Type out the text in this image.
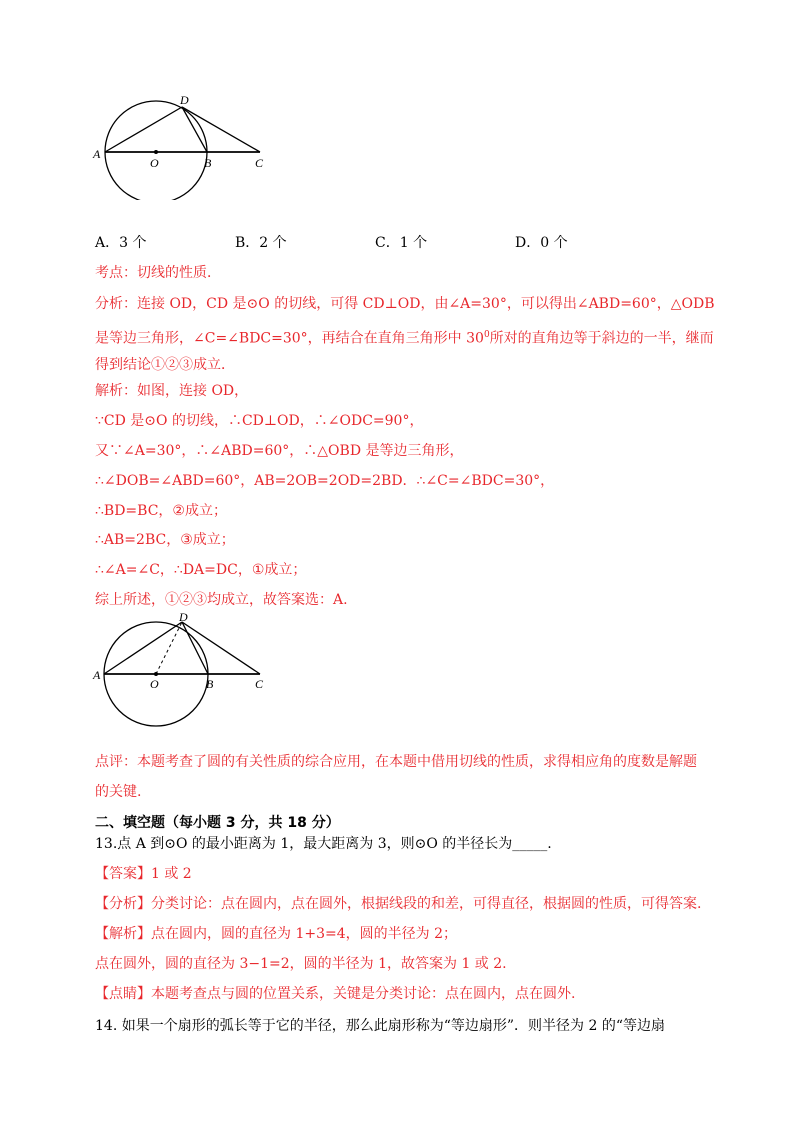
A
O	B	C
D
A．3 个	B．2 个	C．1 个	D．0 个
考点：切线的性质．
分析：连接 OD，CD 是⊙O 的切线，可得 CD⊥OD，由∠A=30°，可以得出∠ABD=60°，△ODB
是等边三角形，∠C=∠BDC=30°，再结合在直角三角形中 $30^0$所对的直角边等于斜边的一半，继而
得到结论①②③成立．
解析：如图，连接 OD，
∵CD 是⊙O 的切线，∴CD⊥OD，∴∠ODC=90°，
又∵∠A=30°，∴∠ABD=60°，∴△OBD 是等边三角形，
∴∠DOB=∠ABD=60°，AB=2OB=2OD=2BD．∴∠C=∠BDC=30°，
∴BD=BC，②成立；
∴AB=2BC，③成立；
∴∠A=∠C，∴DA=DC，①成立；
综上所述，①②③均成立，故答案选：A.
A
O	B	C
D
点评：本题考查了圆的有关性质的综合应用，在本题中借用切线的性质，求得相应角的度数是解题
的关键.
二、填空题（每小题 3 分，共 18 分）
13.点 A 到⊙O 的最小距离为 1，最大距离为 3，则⊙O 的半径长为_____.
【答案】1 或 2
【分析】分类讨论：点在圆内，点在圆外，根据线段的和差，可得直径，根据圆的性质，可得答案.
【解析】点在圆内，圆的直径为 1+3=4，圆的半径为 2；
点在圆外，圆的直径为 3−1=2，圆的半径为 1，故答案为 1 或 2.
【点睛】本题考查点与圆的位置关系，关键是分类讨论：点在圆内，点在圆外.
14. 如果一个扇形的弧长等于它的半径，那么此扇形称为“等边扇形”．则半径为 2 的“等边扇
